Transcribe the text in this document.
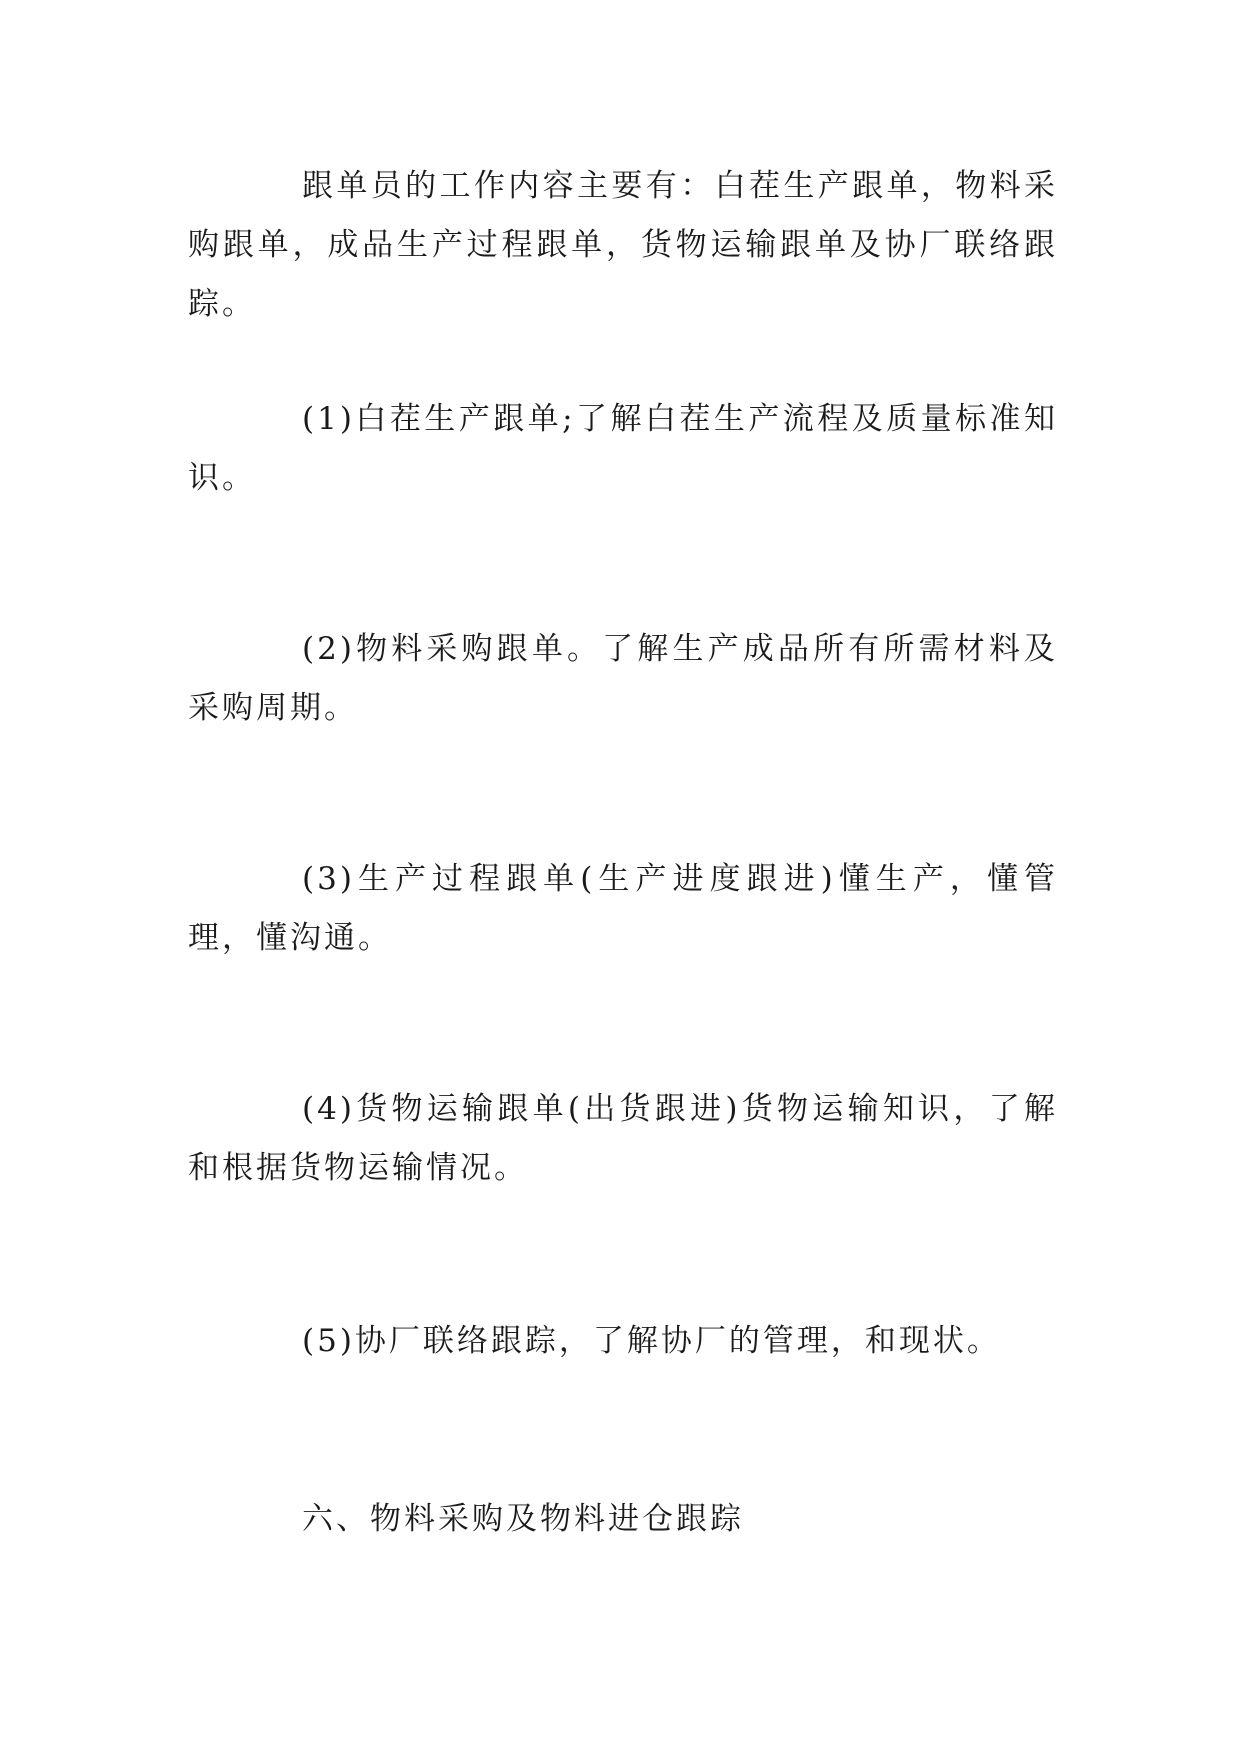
跟单员的工作内容主要有：白茬生产跟单，物料采购跟单，成品生产过程跟单，货物运输跟单及协厂联络跟踪。

(1)白茬生产跟单;了解白茬生产流程及质量标准知识。

(2)物料采购跟单。了解生产成品所有所需材料及采购周期。

(3)生产过程跟单(生产进度跟进)懂生产，懂管理，懂沟通。

(4)货物运输跟单(出货跟进)货物运输知识，了解和根据货物运输情况。

(5)协厂联络跟踪，了解协厂的管理，和现状。

六、物料采购及物料进仓跟踪
